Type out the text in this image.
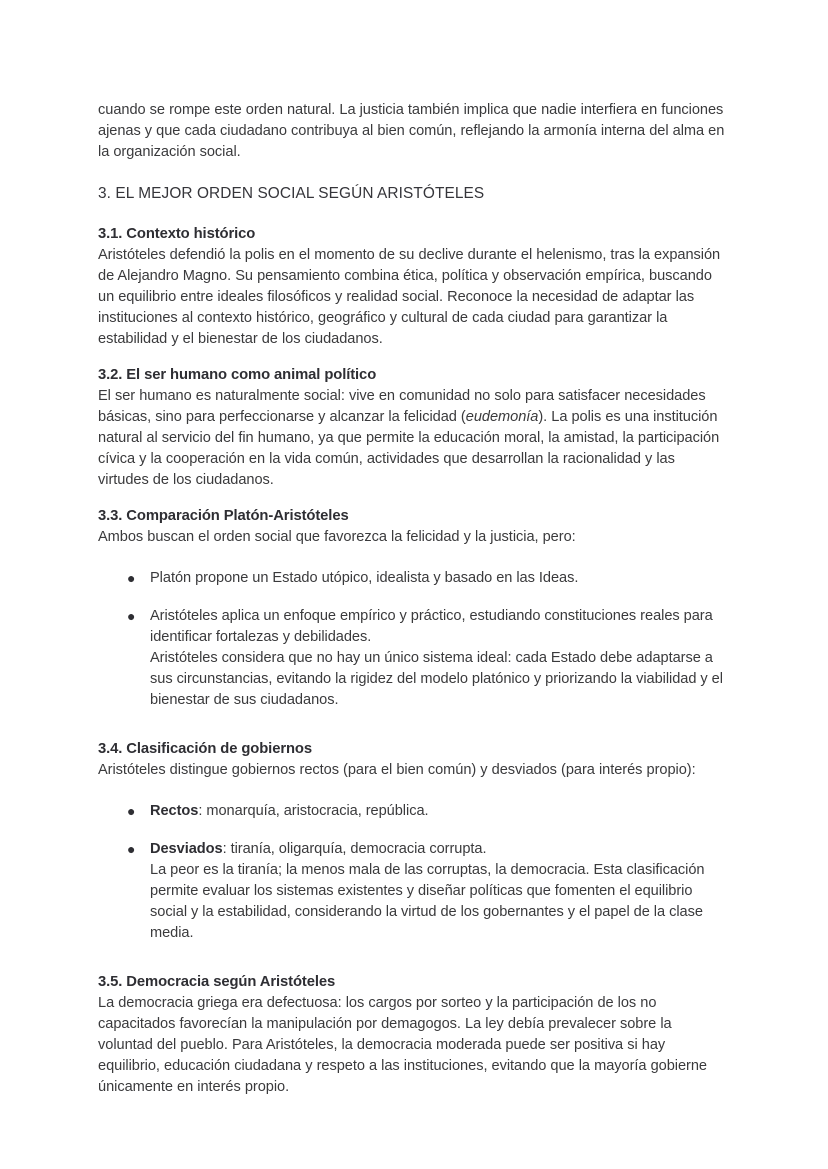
cuando se rompe este orden natural. La justicia también implica que nadie interfiera en funciones ajenas y que cada ciudadano contribuya al bien común, reflejando la armonía interna del alma en la organización social.

3. EL MEJOR ORDEN SOCIAL SEGÚN ARISTÓTELES
3.1. Contexto histórico

Aristóteles defendió la polis en el momento de su declive durante el helenismo, tras la expansión de Alejandro Magno. Su pensamiento combina ética, política y observación empírica, buscando un equilibrio entre ideales filosóficos y realidad social. Reconoce la necesidad de adaptar las instituciones al contexto histórico, geográfico y cultural de cada ciudad para garantizar la estabilidad y el bienestar de los ciudadanos.

3.2. El ser humano como animal político

El ser humano es naturalmente social: vive en comunidad no solo para satisfacer necesidades básicas, sino para perfeccionarse y alcanzar la felicidad (eudemonía). La polis es una institución natural al servicio del fin humano, ya que permite la educación moral, la amistad, la participación cívica y la cooperación en la vida común, actividades que desarrollan la racionalidad y las virtudes de los ciudadanos.

3.3. Comparación Platón-Aristóteles

Ambos buscan el orden social que favorezca la felicidad y la justicia, pero:

● Platón propone un Estado utópico, idealista y basado en las Ideas.
● Aristóteles aplica un enfoque empírico y práctico, estudiando constituciones reales para identificar fortalezas y debilidades.
Aristóteles considera que no hay un único sistema ideal: cada Estado debe adaptarse a sus circunstancias, evitando la rigidez del modelo platónico y priorizando la viabilidad y el bienestar de sus ciudadanos.
3.4. Clasificación de gobiernos

Aristóteles distingue gobiernos rectos (para el bien común) y desviados (para interés propio):

● Rectos: monarquía, aristocracia, república.
● Desviados: tiranía, oligarquía, democracia corrupta.
La peor es la tiranía; la menos mala de las corruptas, la democracia. Esta clasificación permite evaluar los sistemas existentes y diseñar políticas que fomenten el equilibrio social y la estabilidad, considerando la virtud de los gobernantes y el papel de la clase media.
3.5. Democracia según Aristóteles

La democracia griega era defectuosa: los cargos por sorteo y la participación de los no capacitados favorecían la manipulación por demagogos. La ley debía prevalecer sobre la voluntad del pueblo. Para Aristóteles, la democracia moderada puede ser positiva si hay equilibrio, educación ciudadana y respeto a las instituciones, evitando que la mayoría gobierne únicamente en interés propio.
